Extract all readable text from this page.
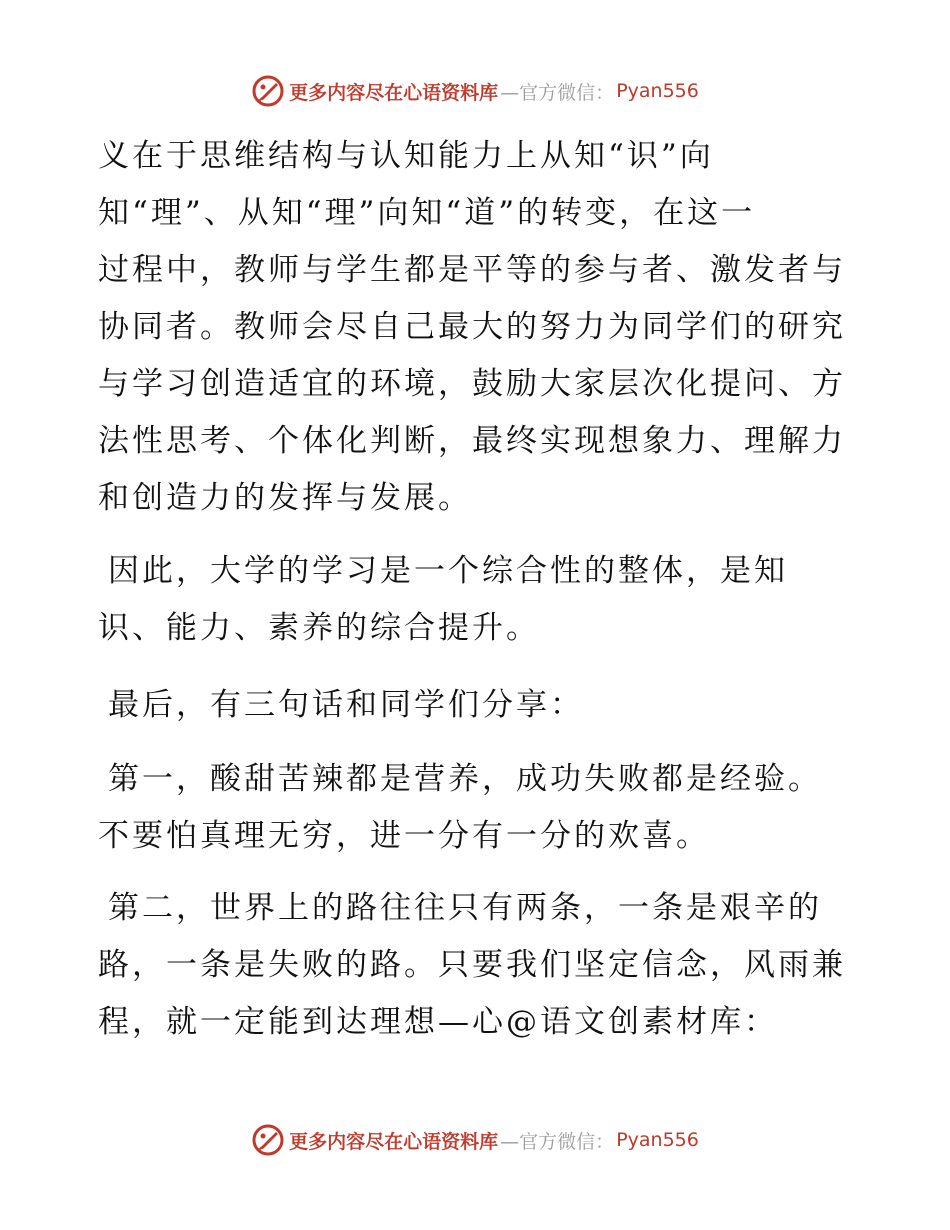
更多内容尽在心语资料库 —官方微信： Pyan556

义在于思维结构与认知能力上从知“识”向
知“理”、从知“理”向知“道”的转变，在这一
过程中，教师与学生都是平等的参与者、激发者与
协同者。教师会尽自己最大的努力为同学们的研究
与学习创造适宜的环境，鼓励大家层次化提问、方
法性思考、个体化判断，最终实现想象力、理解力
和创造力的发挥与发展。

因此，大学的学习是一个综合性的整体，是知
识、能力、素养的综合提升。

最后，有三句话和同学们分享：

第一，酸甜苦辣都是营养，成功失败都是经验。
不要怕真理无穷，进一分有一分的欢喜。

第二，世界上的路往往只有两条，一条是艰辛的
路，一条是失败的路。只要我们坚定信念，风雨兼
程，就一定能到达理想—心@语文创素材库：

更多内容尽在心语资料库 —官方微信： Pyan556
